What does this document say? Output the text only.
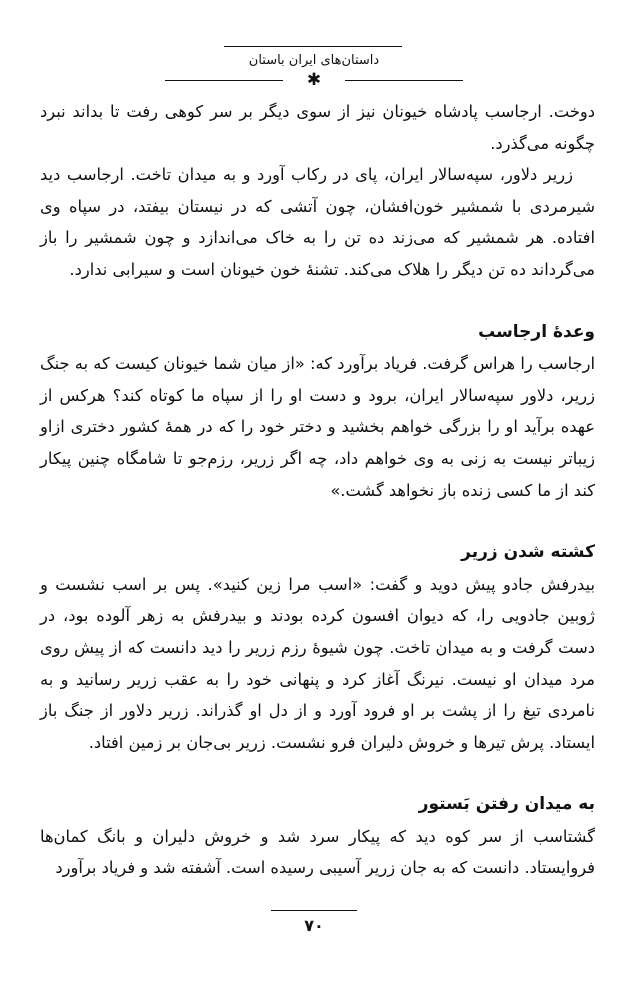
داستان‌های ایران باستان
✱

دوخت. ارجاسب پادشاه خیونان نیز از سوی دیگر بر سر کوهی رفت تا بداند نبرد چگونه می‌گذرد.

زریر دلاور، سپه‌سالار ایران، پای در رکاب آورد و به میدان تاخت. ارجاسب دید شیرمردی با شمشیر خون‌افشان، چون آتشی که در نیستان بیفتد، در سپاه وی افتاده. هر شمشیر که می‌زند ده تن را به خاک می‌اندازد و چون شمشیر را باز می‌گرداند ده تن دیگر را هلاک می‌کند. تشنهٔ خون خیونان است و سیرابی ندارد.

وعدهٔ ارجاسب

ارجاسب را هراس گرفت. فریاد برآورد که: «از میان شما خیونان کیست که به جنگ زریر، دلاور سپه‌سالار ایران، برود و دست او را از سپاه ما کوتاه کند؟ هرکس از عهده برآید او را بزرگی خواهم بخشید و دختر خود را که در همهٔ کشور دختری ازاو زیباتر نیست به زنی به وی خواهم داد، چه اگر زریر، رزم‌جو تا شامگاه چنین پیکار کند از ما کسی زنده باز نخواهد گشت.»

کشته شدن زریر

بیدرفش جادو پیش دوید و گفت: «اسب مرا زین کنید». پس بر اسب نشست و ژوبین جادویی را، که دیوان افسون کرده بودند و بیدرفش به زهر آلوده بود، در دست گرفت و به میدان تاخت. چون شیوهٔ رزم زریر را دید دانست که از پیش روی مرد میدان او نیست. نیرنگ آغاز کرد و پنهانی خود را به عقب زریر رسانید و به نامردی تیغ را از پشت بر او فرود آورد و از دل او گذراند. زریر دلاور از جنگ باز ایستاد. پرش تیرها و خروش دلیران فرو نشست. زریر بی‌جان بر زمین افتاد.

به میدان رفتن بَستور

گشتاسب از سر کوه دید که پیکار سرد شد و خروش دلیران و بانگ کمان‌ها فروایستاد. دانست که به جان زریر آسیبی رسیده است. آشفته شد و فریاد برآورد

۷۰
